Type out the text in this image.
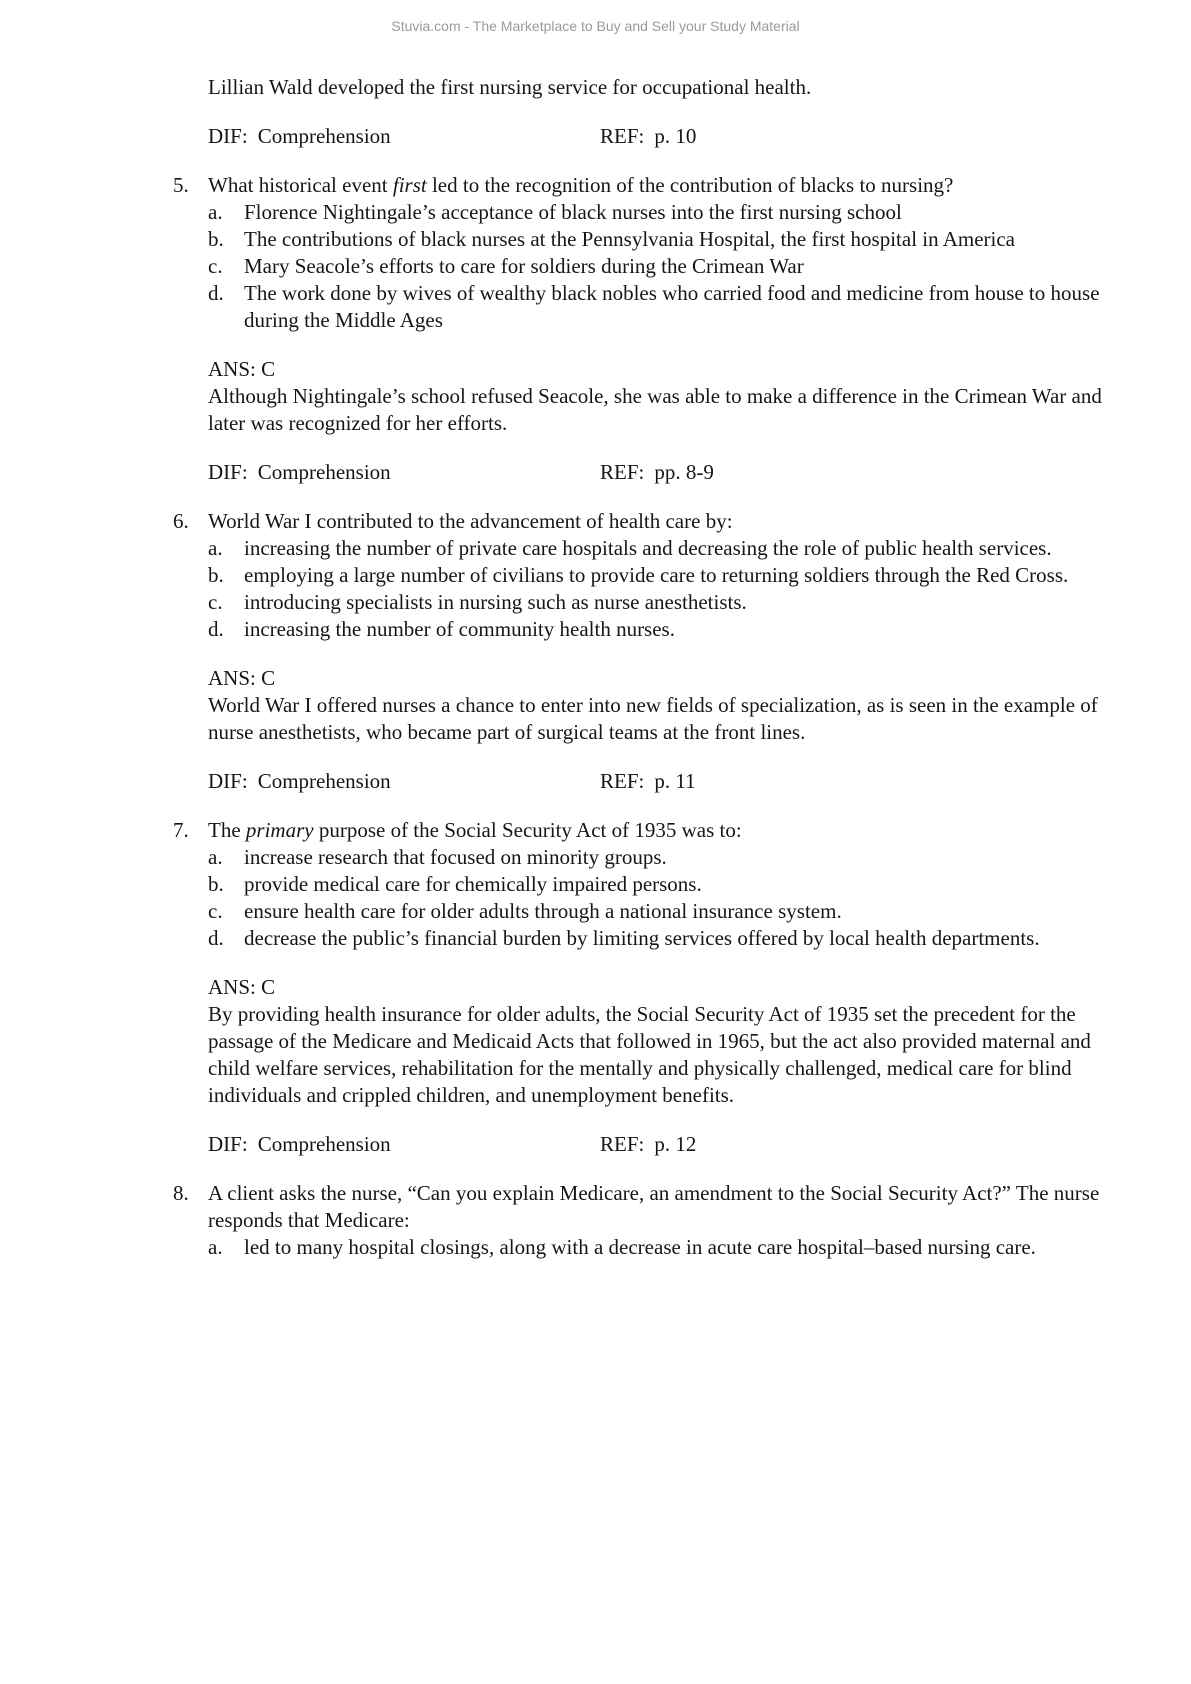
Stuvia.com - The Marketplace to Buy and Sell your Study Material

Lillian Wald developed the first nursing service for occupational health.

DIF: Comprehension	REF: p. 10
5. What historical event first led to the recognition of the contribution of blacks to nursing?
a. Florence Nightingale’s acceptance of black nurses into the first nursing school
b. The contributions of black nurses at the Pennsylvania Hospital, the first hospital in America
c. Mary Seacole’s efforts to care for soldiers during the Crimean War
d. The work done by wives of wealthy black nobles who carried food and medicine from house to house during the Middle Ages
ANS: C

Although Nightingale’s school refused Seacole, she was able to make a difference in the Crimean War and later was recognized for her efforts.

DIF: Comprehension	REF: pp. 8-9
6. World War I contributed to the advancement of health care by:
a. increasing the number of private care hospitals and decreasing the role of public health services.
b. employing a large number of civilians to provide care to returning soldiers through the Red Cross.
c. introducing specialists in nursing such as nurse anesthetists.
d. increasing the number of community health nurses.
ANS: C

World War I offered nurses a chance to enter into new fields of specialization, as is seen in the example of nurse anesthetists, who became part of surgical teams at the front lines.

DIF: Comprehension	REF: p. 11
7. The primary purpose of the Social Security Act of 1935 was to:
a. increase research that focused on minority groups.
b. provide medical care for chemically impaired persons.
c. ensure health care for older adults through a national insurance system.
d. decrease the public’s financial burden by limiting services offered by local health departments.
ANS: C

By providing health insurance for older adults, the Social Security Act of 1935 set the precedent for the passage of the Medicare and Medicaid Acts that followed in 1965, but the act also provided maternal and child welfare services, rehabilitation for the mentally and physically challenged, medical care for blind individuals and crippled children, and unemployment benefits.

DIF: Comprehension	REF: p. 12
8. A client asks the nurse, “Can you explain Medicare, an amendment to the Social Security Act?” The nurse responds that Medicare:
a. led to many hospital closings, along with a decrease in acute care hospital–based nursing care.
